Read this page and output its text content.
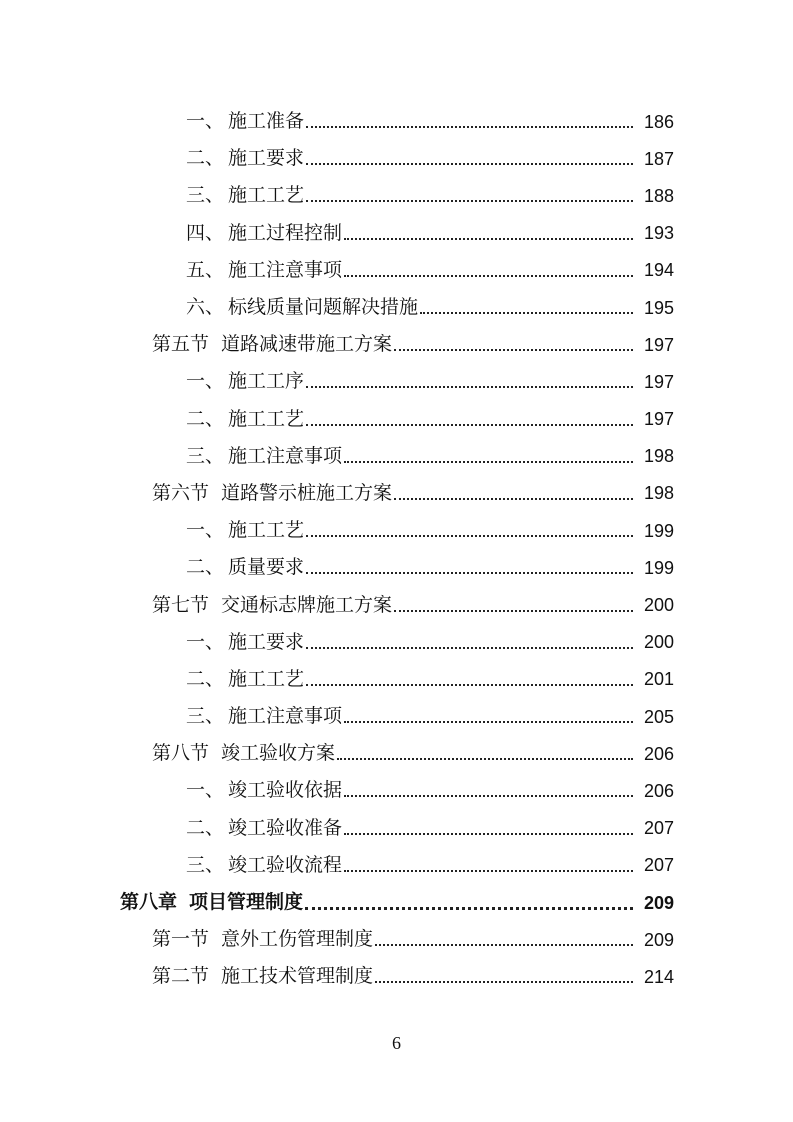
一、 施工准备	186
二、 施工要求	187
三、 施工工艺	188
四、 施工过程控制	193
五、 施工注意事项	194
六、 标线质量问题解决措施	195
第五节 道路减速带施工方案	197
一、 施工工序	197
二、 施工工艺	197
三、 施工注意事项	198
第六节 道路警示桩施工方案	198
一、 施工工艺	199
二、 质量要求	199
第七节 交通标志牌施工方案	200
一、 施工要求	200
二、 施工工艺	201
三、 施工注意事项	205
第八节 竣工验收方案	206
一、 竣工验收依据	206
二、 竣工验收准备	207
三、 竣工验收流程	207
第八章 项目管理制度	209
第一节 意外工伤管理制度	209
第二节 施工技术管理制度	214
6
